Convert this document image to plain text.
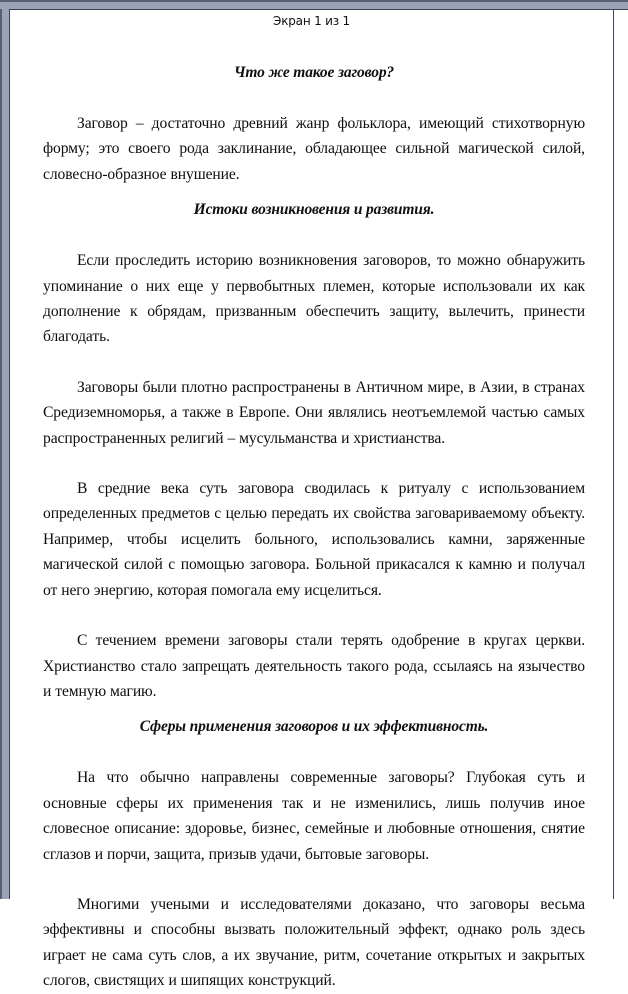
Экран 1 из 1
Что же такое заговор?

Заговор – достаточно древний жанр фольклора, имеющий стихотворную форму; это своего рода заклинание, обладающее сильной магической силой, словесно-образное внушение.

Истоки возникновения и развития.

Если проследить историю возникновения заговоров, то можно обнаружить упоминание о них еще у первобытных племен, которые использовали их как дополнение к обрядам, призванным обеспечить защиту, вылечить, принести благодать.

Заговоры были плотно распространены в Античном мире, в Азии, в странах Средиземноморья, а также в Европе. Они являлись неотъемлемой частью самых распространенных религий – мусульманства и христианства.

В средние века суть заговора сводилась к ритуалу с использованием определенных предметов с целью передать их свойства заговариваемому объекту. Например, чтобы исцелить больного, использовались камни, заряженные магической силой с помощью заговора. Больной прикасался к камню и получал от него энергию, которая помогала ему исцелиться.

С течением времени заговоры стали терять одобрение в кругах церкви. Христианство стало запрещать деятельность такого рода, ссылаясь на язычество и темную магию.

Сферы применения заговоров и их эффективность.

На что обычно направлены современные заговоры? Глубокая суть и основные сферы их применения так и не изменились, лишь получив иное словесное описание: здоровье, бизнес, семейные и любовные отношения, снятие сглазов и порчи, защита, призыв удачи, бытовые заговоры.

Многими учеными и исследователями доказано, что заговоры весьма эффективны и способны вызвать положительный эффект, однако роль здесь играет не сама суть слов, а их звучание, ритм, сочетание открытых и закрытых слогов, свистящих и шипящих конструкций.
